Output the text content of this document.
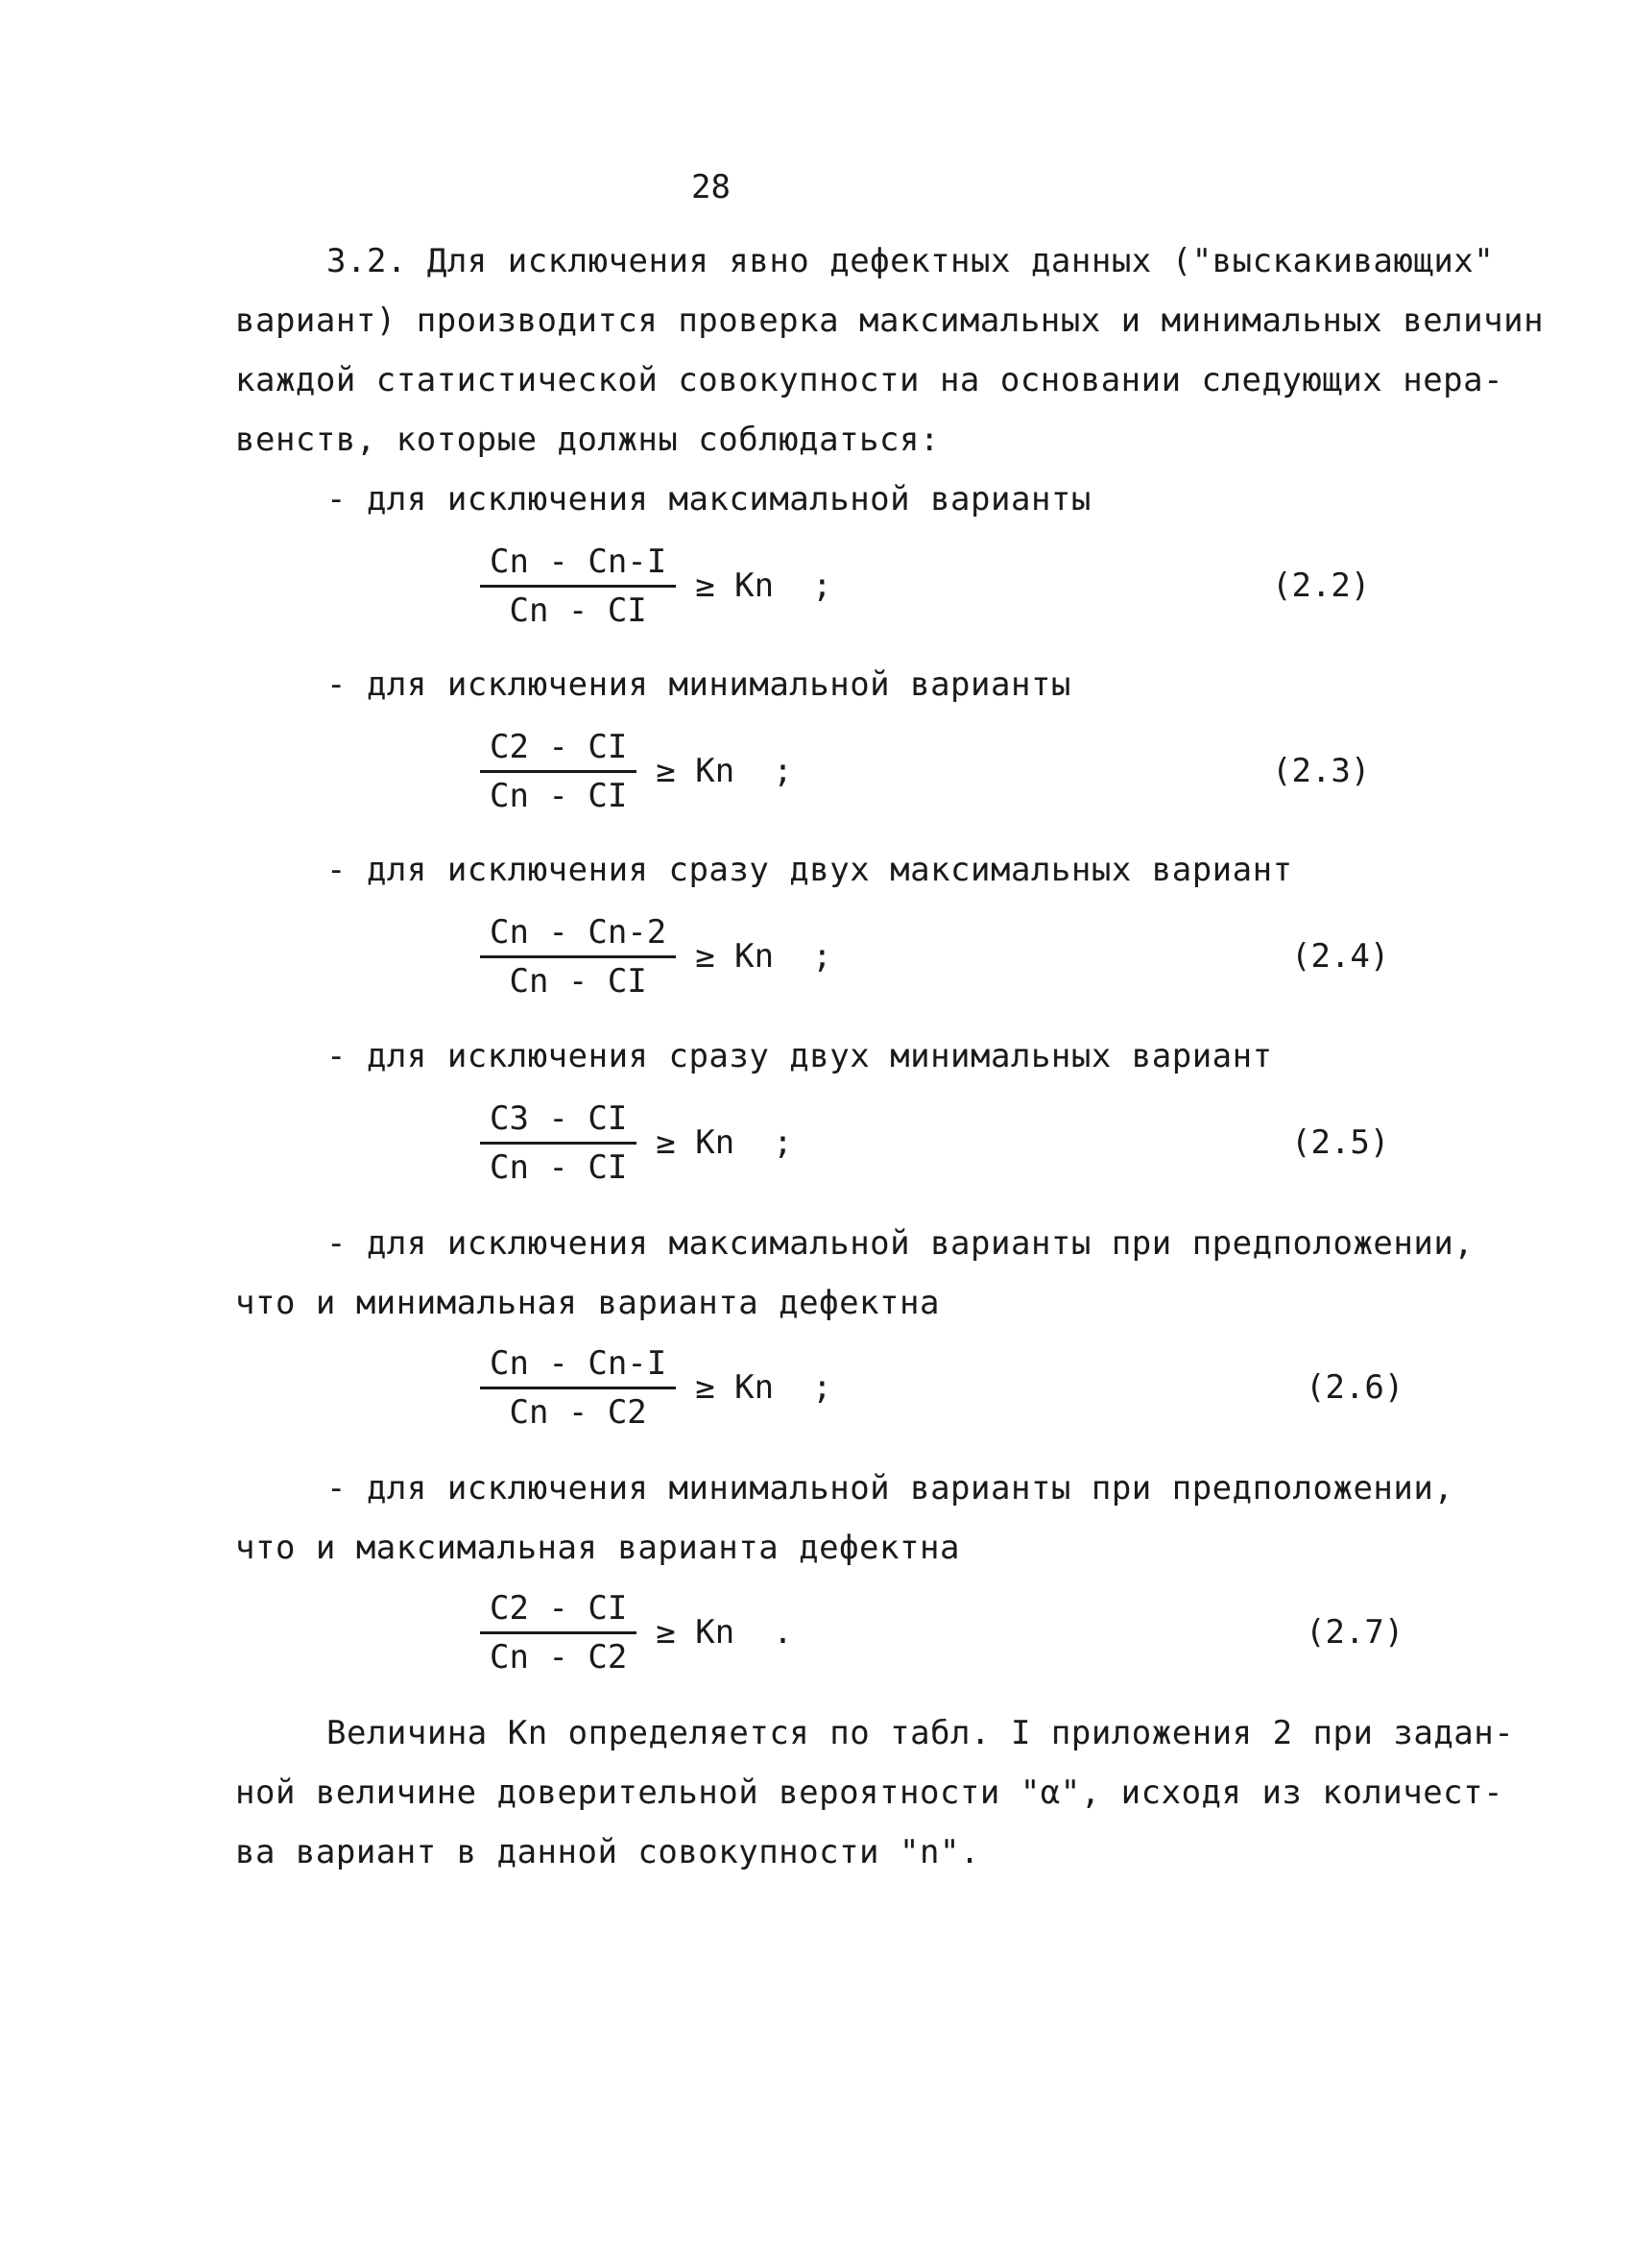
28
3.2. Для исключения явно дефектных данных ("выскакивающих"
вариант) производится проверка максимальных и минимальных величин
каждой статистической совокупности на основании следующих нера-
венств, которые должны соблюдаться:
- для исключения максимальной варианты
$\frac{Cn - Cn-I}{Cn - CI} \ge Kn$ ;	(2.2)
- для исключения минимальной варианты
$\frac{C2 - CI}{Cn - CI} \ge Kn$ ;	(2.3)
- для исключения сразу двух максимальных вариант
$\frac{Cn - Cn-2}{Cn - CI} \ge Kn$ ;	(2.4)
- для исключения сразу двух минимальных вариант
$\frac{C3 - CI}{Cn - CI} \ge Kn$ ;	(2.5)
- для исключения максимальной варианты при предположении,
что и минимальная варианта дефектна
$\frac{Cn - Cn-I}{Cn - C2} \ge Kn$ ;	(2.6)
- для исключения минимальной варианты при предположении,
что и максимальная варианта дефектна
$\frac{C2 - CI}{Cn - C2} \ge Kn$ .	(2.7)
Величина Kn определяется по табл. I приложения 2 при задан-
ной величине доверительной вероятности "α", исходя из количест-
ва вариант в данной совокупности "n".
